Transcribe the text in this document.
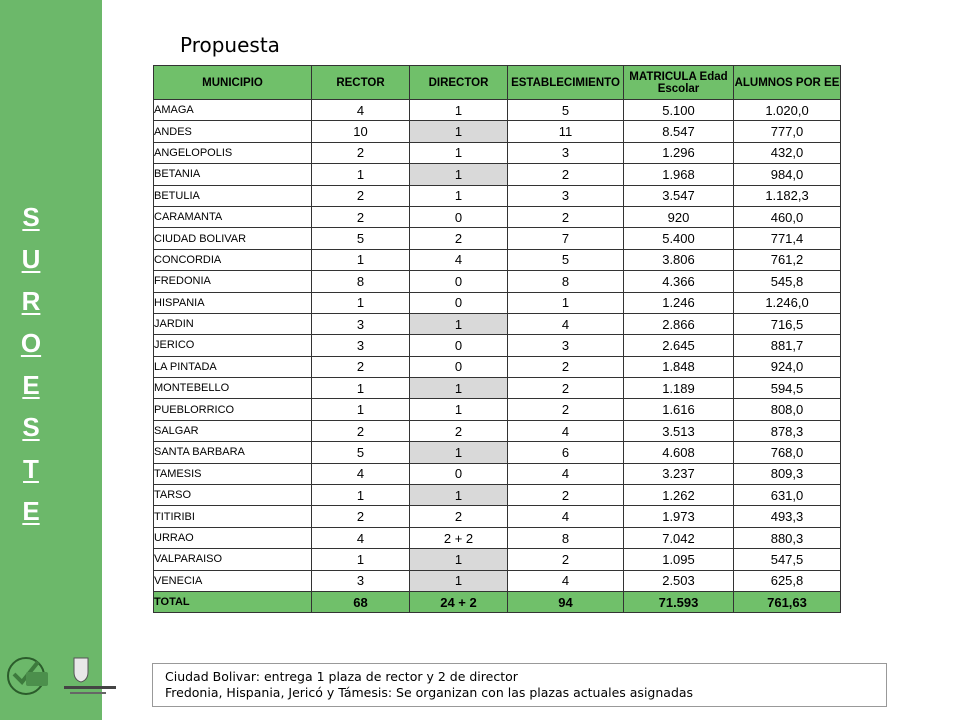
S
U
R
O
E
S
T
E
Propuesta
MUNICIPIO	RECTOR	DIRECTOR	ESTABLECIMIENTO	MATRICULA Edad Escolar	ALUMNOS POR EE
AMAGA	4	1	5	5.100	1.020,0
ANDES	10	1	11	8.547	777,0
ANGELOPOLIS	2	1	3	1.296	432,0
BETANIA	1	1	2	1.968	984,0
BETULIA	2	1	3	3.547	1.182,3
CARAMANTA	2	0	2	920	460,0
CIUDAD BOLIVAR	5	2	7	5.400	771,4
CONCORDIA	1	4	5	3.806	761,2
FREDONIA	8	0	8	4.366	545,8
HISPANIA	1	0	1	1.246	1.246,0
JARDIN	3	1	4	2.866	716,5
JERICO	3	0	3	2.645	881,7
LA PINTADA	2	0	2	1.848	924,0
MONTEBELLO	1	1	2	1.189	594,5
PUEBLORRICO	1	1	2	1.616	808,0
SALGAR	2	2	4	3.513	878,3
SANTA BARBARA	5	1	6	4.608	768,0
TAMESIS	4	0	4	3.237	809,3
TARSO	1	1	2	1.262	631,0
TITIRIBI	2	2	4	1.973	493,3
URRAO	4	2 + 2	8	7.042	880,3
VALPARAISO	1	1	2	1.095	547,5
VENECIA	3	1	4	2.503	625,8
TOTAL	68	24 + 2	94	71.593	761,63
Ciudad Bolivar: entrega 1 plaza de rector y 2 de director
Fredonia, Hispania, Jericó y Támesis: Se organizan con las plazas actuales asignadas
